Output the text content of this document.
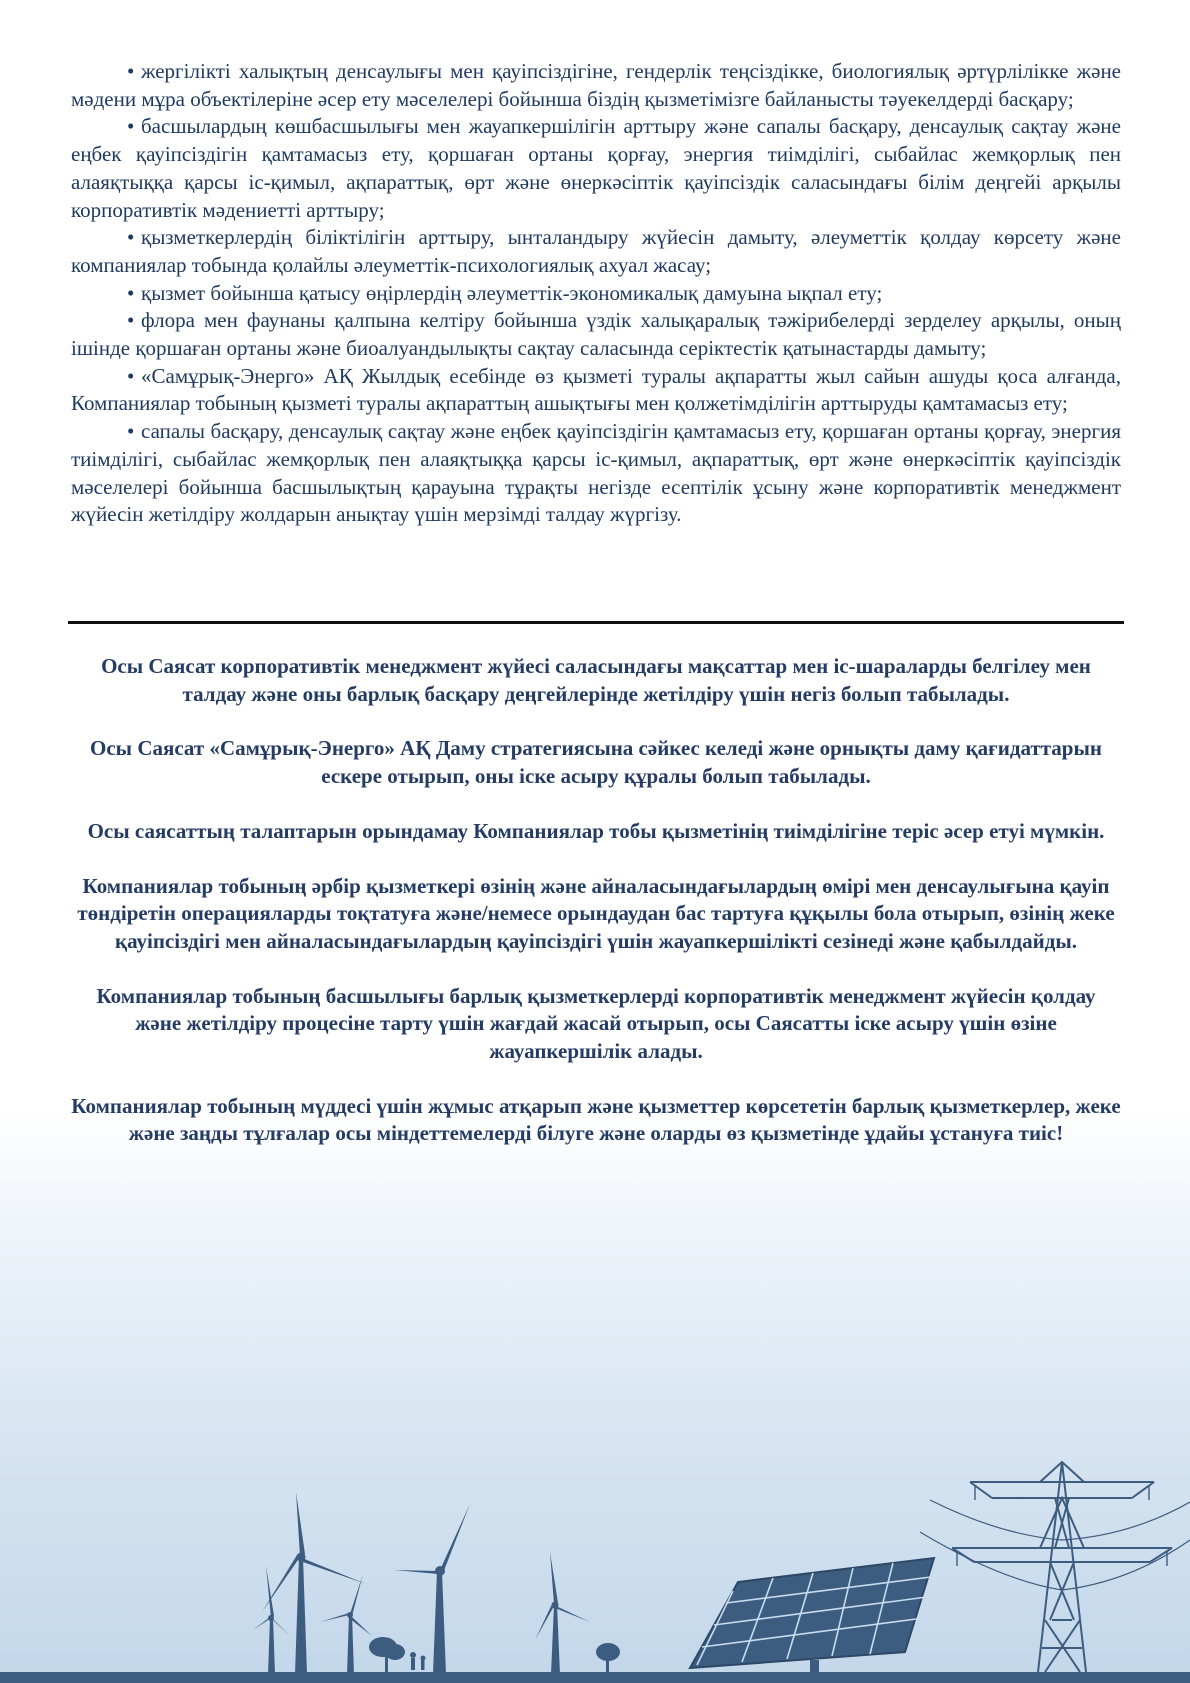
• жергілікті халықтың денсаулығы мен қауіпсіздігіне, гендерлік теңсіздікке, биологиялық әртүрлілікке және мәдени мұра объектілеріне әсер ету мәселелері бойынша біздің қызметімізге байланысты тәуекелдерді басқару;

• басшылардың көшбасшылығы мен жауапкершілігін арттыру және сапалы басқару, денсаулық сақтау және еңбек қауіпсіздігін қамтамасыз ету, қоршаған ортаны қорғау, энергия тиімділігі, сыбайлас жемқорлық пен алаяқтыққа қарсы іс-қимыл, ақпараттық, өрт және өнеркәсіптік қауіпсіздік саласындағы білім деңгейі арқылы корпоративтік мәдениетті арттыру;

• қызметкерлердің біліктілігін арттыру, ынталандыру жүйесін дамыту, әлеуметтік қолдау көрсету және компаниялар тобында қолайлы әлеуметтік-психологиялық ахуал жасау;

• қызмет бойынша қатысу өңірлердің әлеуметтік-экономикалық дамуына ықпал ету;

• флора мен фаунаны қалпына келтіру бойынша үздік халықаралық тәжірибелерді зерделеу арқылы, оның ішінде қоршаған ортаны және биоалуандылықты сақтау саласында серіктестік қатынастарды дамыту;

• «Самұрық-Энерго» АҚ Жылдық есебінде өз қызметі туралы ақпаратты жыл сайын ашуды қоса алғанда, Компаниялар тобының қызметі туралы ақпараттың ашықтығы мен қолжетімділігін арттыруды қамтамасыз ету;

• сапалы басқару, денсаулық сақтау және еңбек қауіпсіздігін қамтамасыз ету, қоршаған ортаны қорғау, энергия тиімділігі, сыбайлас жемқорлық пен алаяқтыққа қарсы іс-қимыл, ақпараттық, өрт және өнеркәсіптік қауіпсіздік мәселелері бойынша басшылықтың қарауына тұрақты негізде есептілік ұсыну және корпоративтік менеджмент жүйесін жетілдіру жолдарын анықтау үшін мерзімді талдау жүргізу.

Осы Саясат корпоративтік менеджмент жүйесі саласындағы мақсаттар мен іс-шараларды белгілеу мен талдау және оны барлық басқару деңгейлерінде жетілдіру үшін негіз болып табылады.

Осы Саясат «Самұрық-Энерго» АҚ Даму стратегиясына сәйкес келеді және орнықты даму қағидаттарын ескере отырып, оны іске асыру құралы болып табылады.

Осы саясаттың талаптарын орындамау Компаниялар тобы қызметінің тиімділігіне теріс әсер етуі мүмкін.

Компаниялар тобының әрбір қызметкері өзінің және айналасындағылардың өмірі мен денсаулығына қауіп төндіретін операцияларды тоқтатуға және/немесе орындаудан бас тартуға құқылы бола отырып, өзінің жеке қауіпсіздігі мен айналасындағылардың қауіпсіздігі үшін жауапкершілікті сезінеді және қабылдайды.

Компаниялар тобының басшылығы барлық қызметкерлерді корпоративтік менеджмент жүйесін қолдау және жетілдіру процесіне тарту үшін жағдай жасай отырып, осы Саясатты іске асыру үшін өзіне жауапкершілік алады.

Компаниялар тобының мүддесі үшін жұмыс атқарып және қызметтер көрсететін барлық қызметкерлер, жеке және заңды тұлғалар осы міндеттемелерді білуге және оларды өз қызметінде ұдайы ұстануға тиіс!
